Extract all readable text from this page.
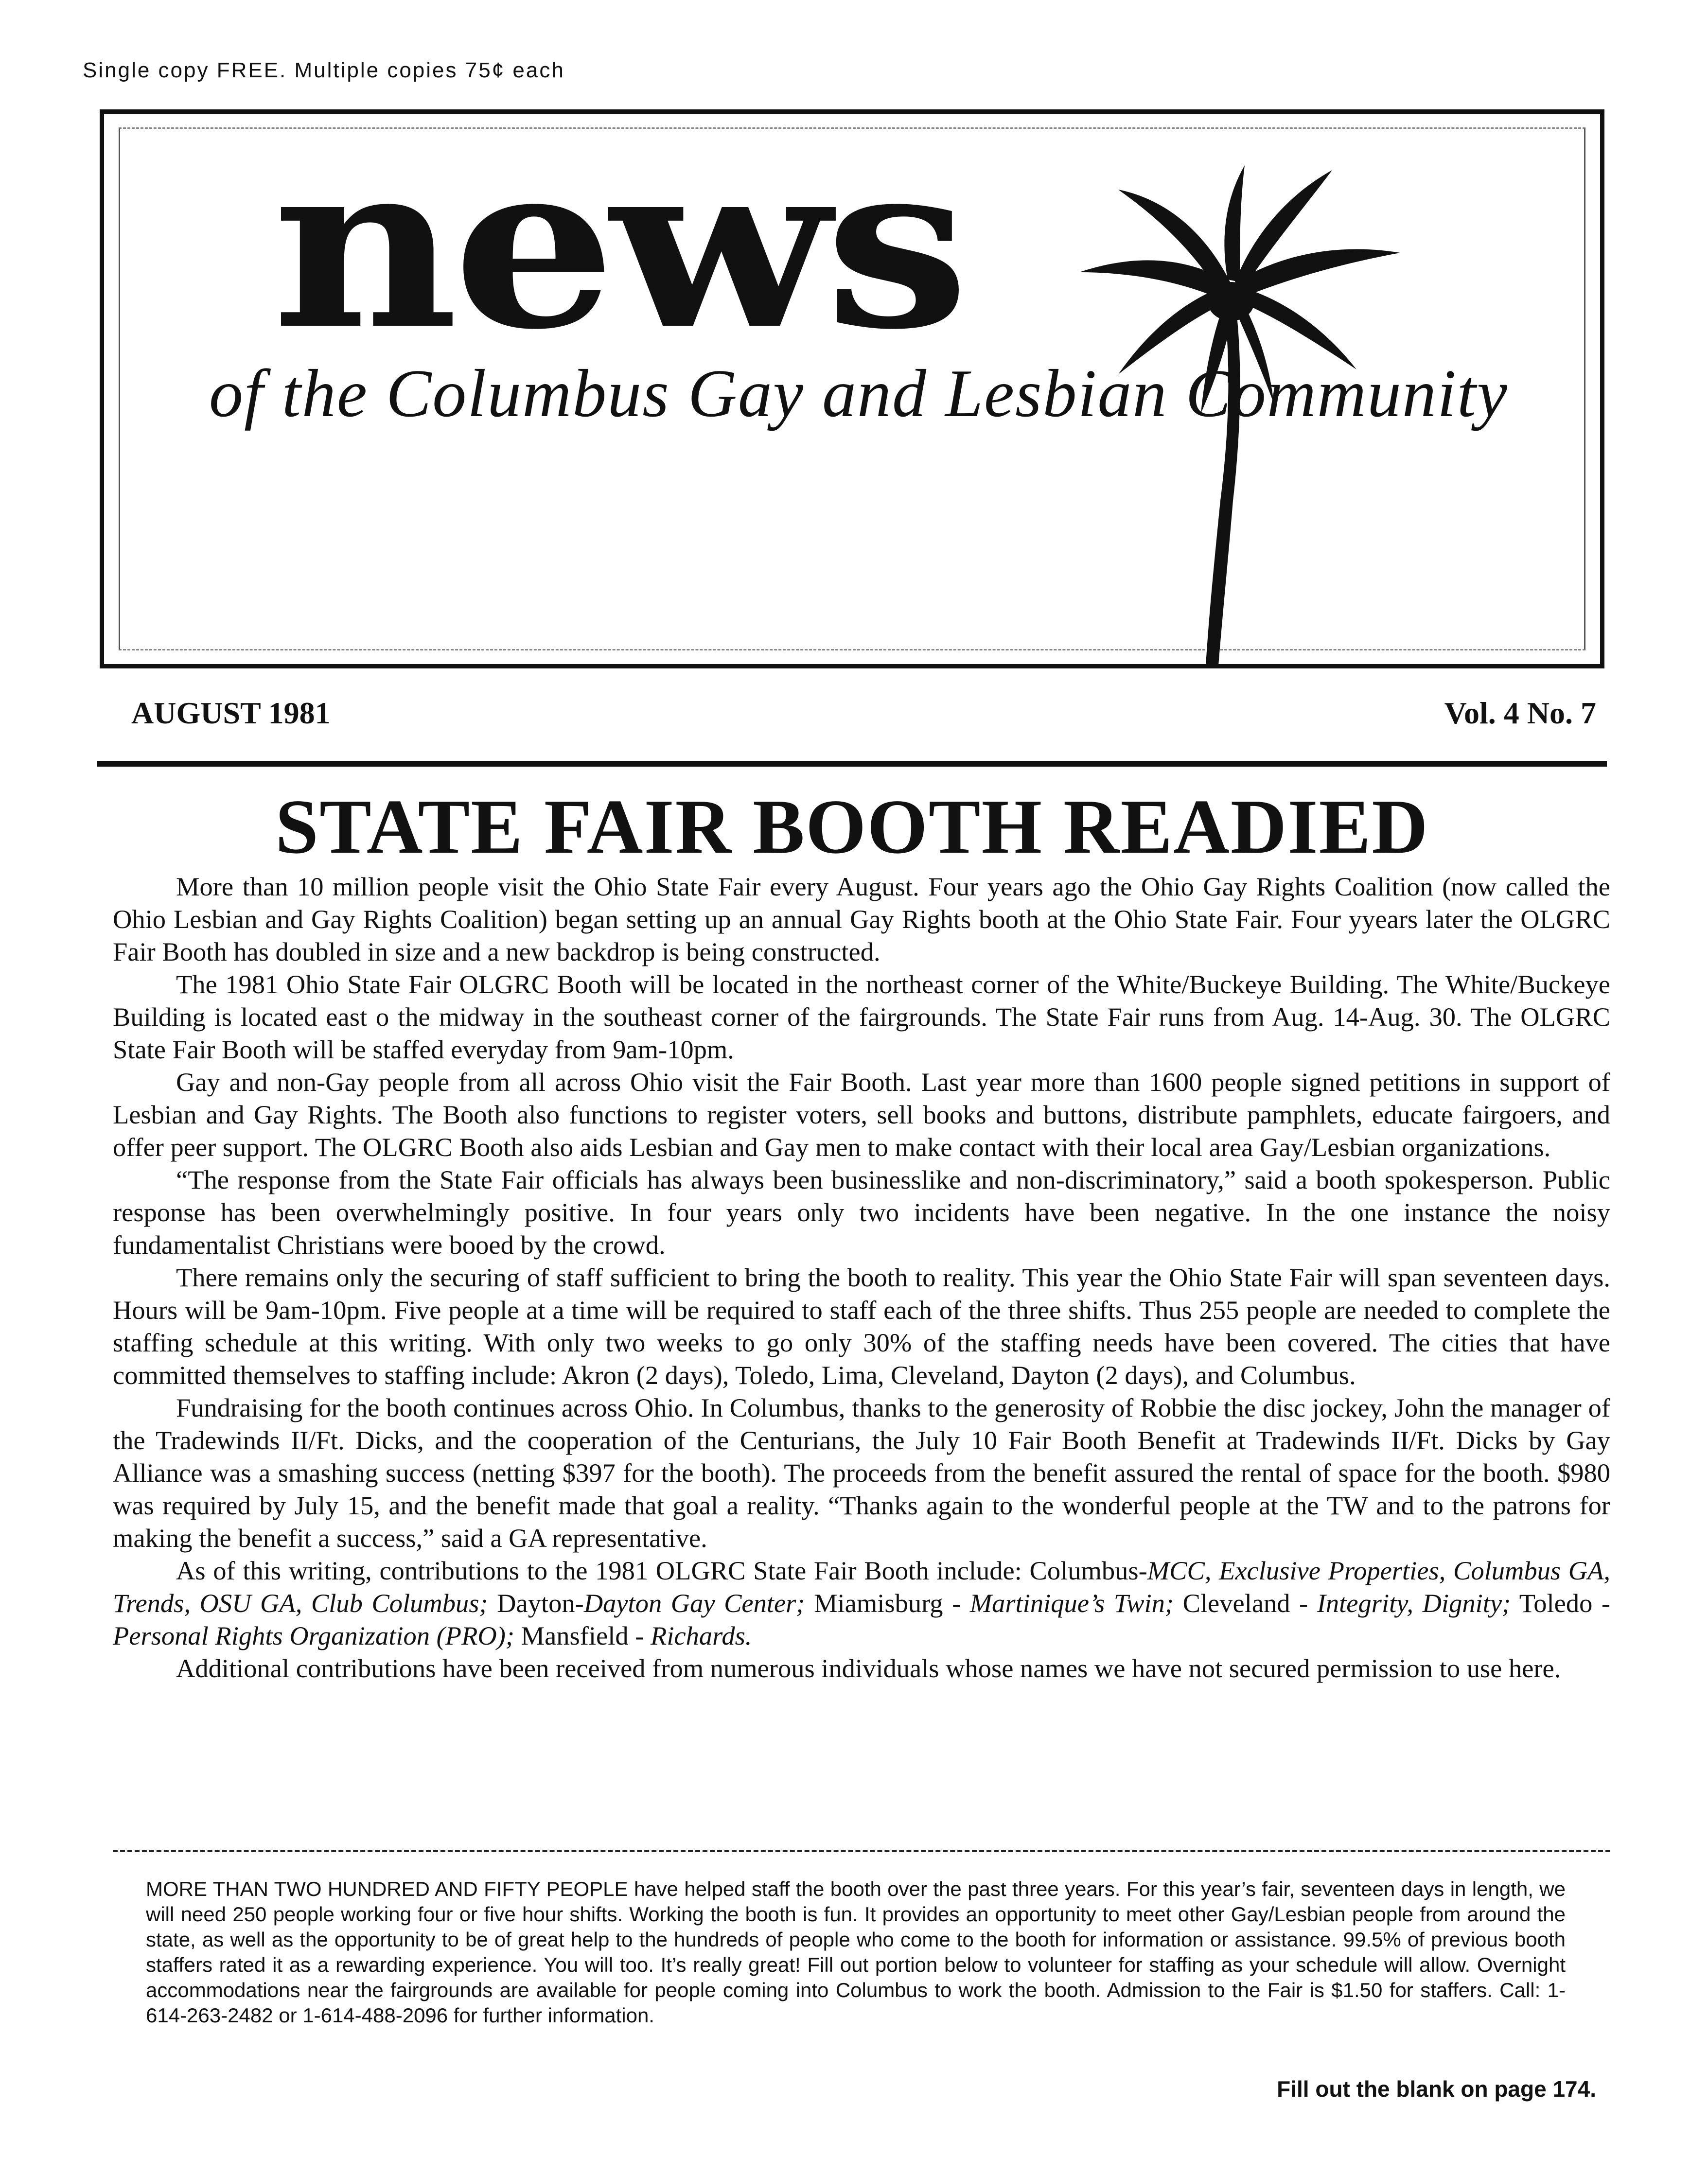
Single copy FREE. Multiple copies 75¢ each
news
of the Columbus Gay and Lesbian Community
AUGUST 1981	Vol. 4 No. 7
STATE FAIR BOOTH READIED

More than 10 million people visit the Ohio State Fair every August. Four years ago the Ohio Gay Rights Coalition (now called the Ohio Lesbian and Gay Rights Coalition) began setting up an annual Gay Rights booth at the Ohio State Fair. Four yyears later the OLGRC Fair Booth has doubled in size and a new backdrop is being constructed.

The 1981 Ohio State Fair OLGRC Booth will be located in the northeast corner of the White/Buckeye Building. The White/Buckeye Building is located east o the midway in the southeast corner of the fairgrounds. The State Fair runs from Aug. 14-Aug. 30. The OLGRC State Fair Booth will be staffed everyday from 9am-10pm.

Gay and non-Gay people from all across Ohio visit the Fair Booth. Last year more than 1600 people signed petitions in support of Lesbian and Gay Rights. The Booth also functions to register voters, sell books and buttons, distribute pamphlets, educate fairgoers, and offer peer support. The OLGRC Booth also aids Lesbian and Gay men to make contact with their local area Gay/Lesbian organizations.

“The response from the State Fair officials has always been businesslike and non-discriminatory,” said a booth spokesperson. Public response has been overwhelmingly positive. In four years only two incidents have been negative. In the one instance the noisy fundamentalist Christians were booed by the crowd.

There remains only the securing of staff sufficient to bring the booth to reality. This year the Ohio State Fair will span seventeen days. Hours will be 9am-10pm. Five people at a time will be required to staff each of the three shifts. Thus 255 people are needed to complete the staffing schedule at this writing. With only two weeks to go only 30% of the staffing needs have been covered. The cities that have committed themselves to staffing include: Akron (2 days), Toledo, Lima, Cleveland, Dayton (2 days), and Columbus.

Fundraising for the booth continues across Ohio. In Columbus, thanks to the generosity of Robbie the disc jockey, John the manager of the Tradewinds II/Ft. Dicks, and the cooperation of the Centurians, the July 10 Fair Booth Benefit at Tradewinds II/Ft. Dicks by Gay Alliance was a smashing success (netting $397 for the booth). The proceeds from the benefit assured the rental of space for the booth. $980 was required by July 15, and the benefit made that goal a reality. “Thanks again to the wonderful people at the TW and to the patrons for making the benefit a success,” said a GA representative.

As of this writing, contributions to the 1981 OLGRC State Fair Booth include: Columbus-MCC, Exclusive Properties, Columbus GA, Trends, OSU GA, Club Columbus; Dayton-Dayton Gay Center; Miamisburg - Martinique’s Twin; Cleveland - Integrity, Dignity; Toledo - Personal Rights Organization (PRO); Mansfield - Richards.

Additional contributions have been received from numerous individuals whose names we have not secured permission to use here.

MORE THAN TWO HUNDRED AND FIFTY PEOPLE have helped staff the booth over the past three years. For this year’s fair, seventeen days in length, we will need 250 people working four or five hour shifts. Working the booth is fun. It provides an opportunity to meet other Gay/Lesbian people from around the state, as well as the opportunity to be of great help to the hundreds of people who come to the booth for information or assistance. 99.5% of previous booth staffers rated it as a rewarding experience. You will too. It’s really great! Fill out portion below to volunteer for staffing as your schedule will allow. Overnight accommodations near the fairgrounds are available for people coming into Columbus to work the booth. Admission to the Fair is $1.50 for staffers. Call: 1-614-263-2482 or 1-614-488-2096 for further information.

Fill out the blank on page 174.
